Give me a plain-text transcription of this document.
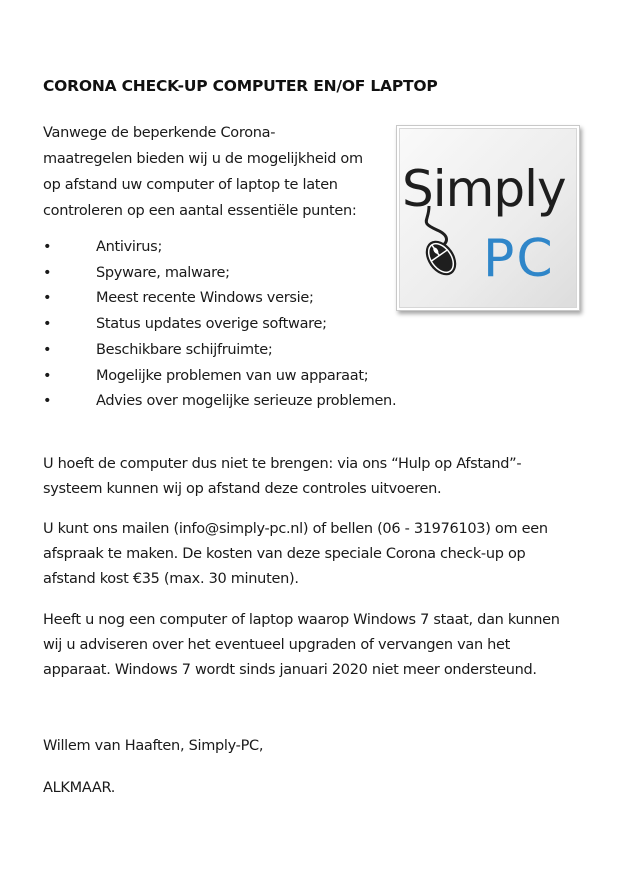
CORONA CHECK-UP COMPUTER EN/OF LAPTOP
Vanwege de beperkende Corona-
maatregelen bieden wij u de mogelijkheid om
op afstand uw computer of laptop te laten
controleren op een aantal essentiële punten:
•	Antivirus;
•	Spyware, malware;
•	Meest recente Windows versie;
•	Status updates overige software;
•	Beschikbare schijfruimte;
•	Mogelijke problemen van uw apparaat;
•	Advies over mogelijke serieuze problemen.
U hoeft de computer dus niet te brengen: via ons “Hulp op Afstand”-
systeem kunnen wij op afstand deze controles uitvoeren.
U kunt ons mailen (info@simply-pc.nl) of bellen (06 - 31976103) om een
afspraak te maken. De kosten van deze speciale Corona check-up op
afstand kost €35 (max. 30 minuten).
Heeft u nog een computer of laptop waarop Windows 7 staat, dan kunnen
wij u adviseren over het eventueel upgraden of vervangen van het
apparaat. Windows 7 wordt sinds januari 2020 niet meer ondersteund.
Willem van Haaften, Simply-PC,
ALKMAAR.
Simply
PC
